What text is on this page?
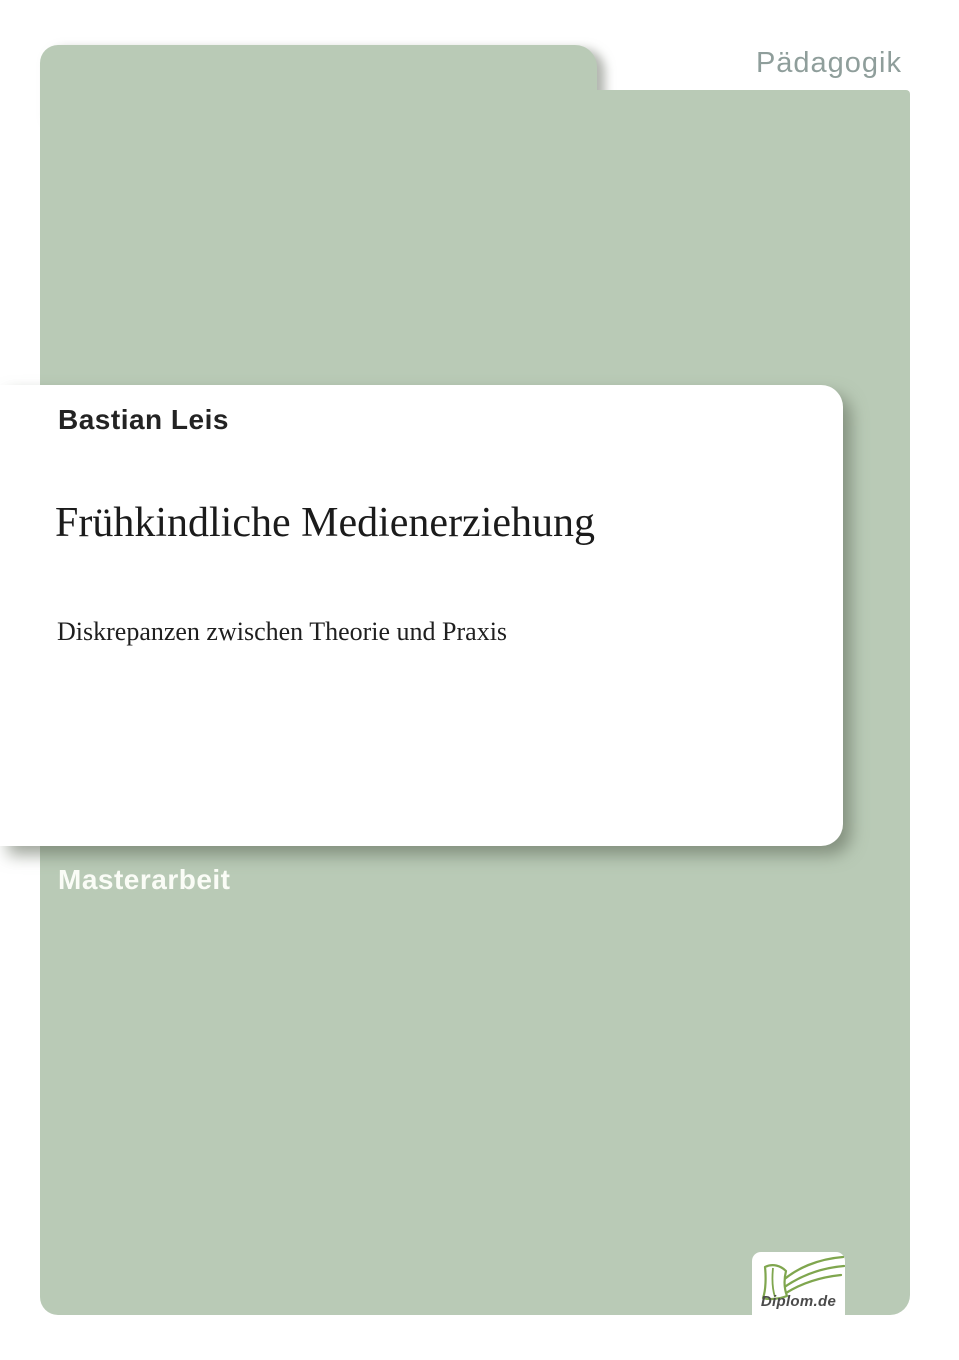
Pädagogik
Bastian Leis
Frühkindliche Medienerziehung
Diskrepanzen zwischen Theorie und Praxis
Masterarbeit
Diplom.de
